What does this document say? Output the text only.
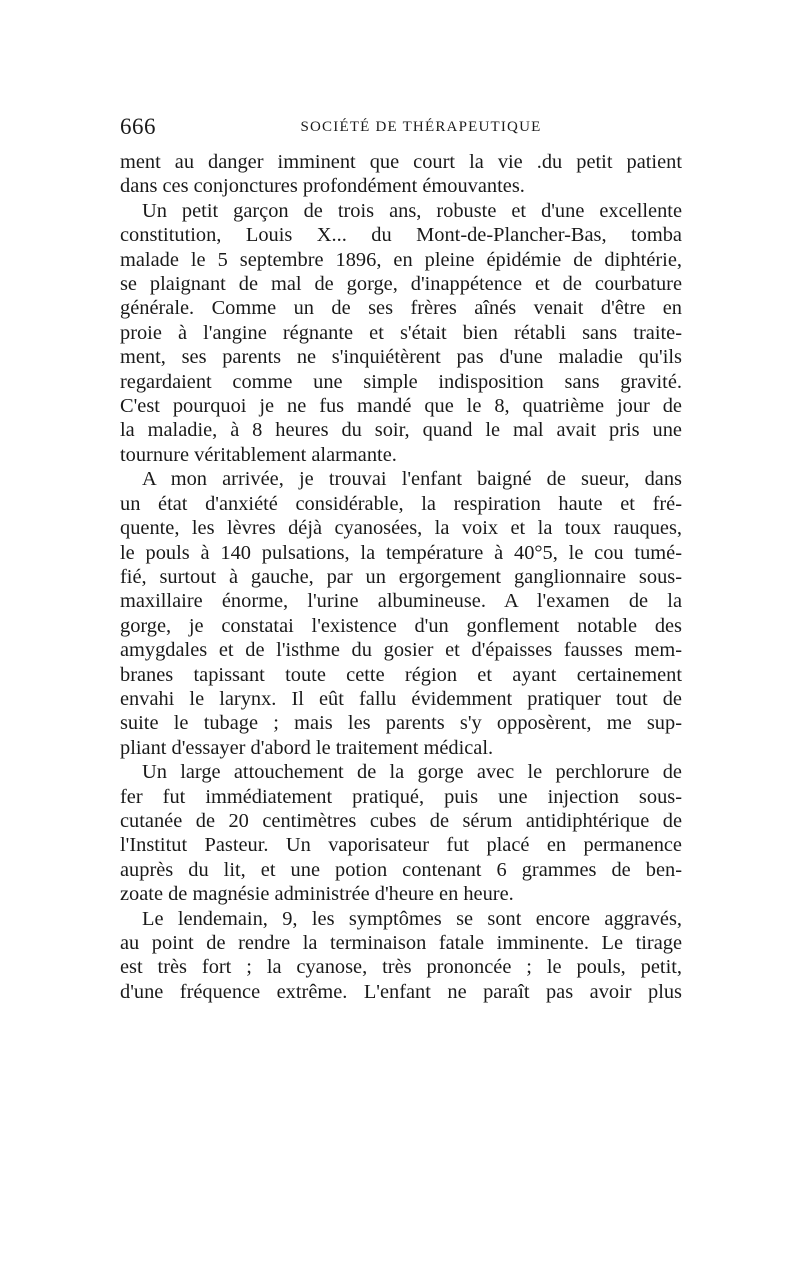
666	SOCIÉTÉ DE THÉRAPEUTIQUE

ment au danger imminent que court la vie .du petit patient
dans ces conjonctures profondément émouvantes.

Un petit garçon de trois ans, robuste et d'une excellente
constitution, Louis X... du Mont-de-Plancher-Bas, tomba
malade le 5 septembre 1896, en pleine épidémie de diphtérie,
se plaignant de mal de gorge, d'inappétence et de courbature
générale. Comme un de ses frères aînés venait d'être en
proie à l'angine régnante et s'était bien rétabli sans traite-
ment, ses parents ne s'inquiétèrent pas d'une maladie qu'ils
regardaient comme une simple indisposition sans gravité.
C'est pourquoi je ne fus mandé que le 8, quatrième jour de
la maladie, à 8 heures du soir, quand le mal avait pris une
tournure véritablement alarmante.

A mon arrivée, je trouvai l'enfant baigné de sueur, dans
un état d'anxiété considérable, la respiration haute et fré-
quente, les lèvres déjà cyanosées, la voix et la toux rauques,
le pouls à 140 pulsations, la température à 40°5, le cou tumé-
fié, surtout à gauche, par un ergorgement ganglionnaire sous-
maxillaire énorme, l'urine albumineuse. A l'examen de la
gorge, je constatai l'existence d'un gonflement notable des
amygdales et de l'isthme du gosier et d'épaisses fausses mem-
branes tapissant toute cette région et ayant certainement
envahi le larynx. Il eût fallu évidemment pratiquer tout de
suite le tubage ; mais les parents s'y opposèrent, me sup-
pliant d'essayer d'abord le traitement médical.

Un large attouchement de la gorge avec le perchlorure de
fer fut immédiatement pratiqué, puis une injection sous-
cutanée de 20 centimètres cubes de sérum antidiphtérique de
l'Institut Pasteur. Un vaporisateur fut placé en permanence
auprès du lit, et une potion contenant 6 grammes de ben-
zoate de magnésie administrée d'heure en heure.

Le lendemain, 9, les symptômes se sont encore aggravés,
au point de rendre la terminaison fatale imminente. Le tirage
est très fort ; la cyanose, très prononcée ; le pouls, petit,
d'une fréquence extrême. L'enfant ne paraît pas avoir plus
